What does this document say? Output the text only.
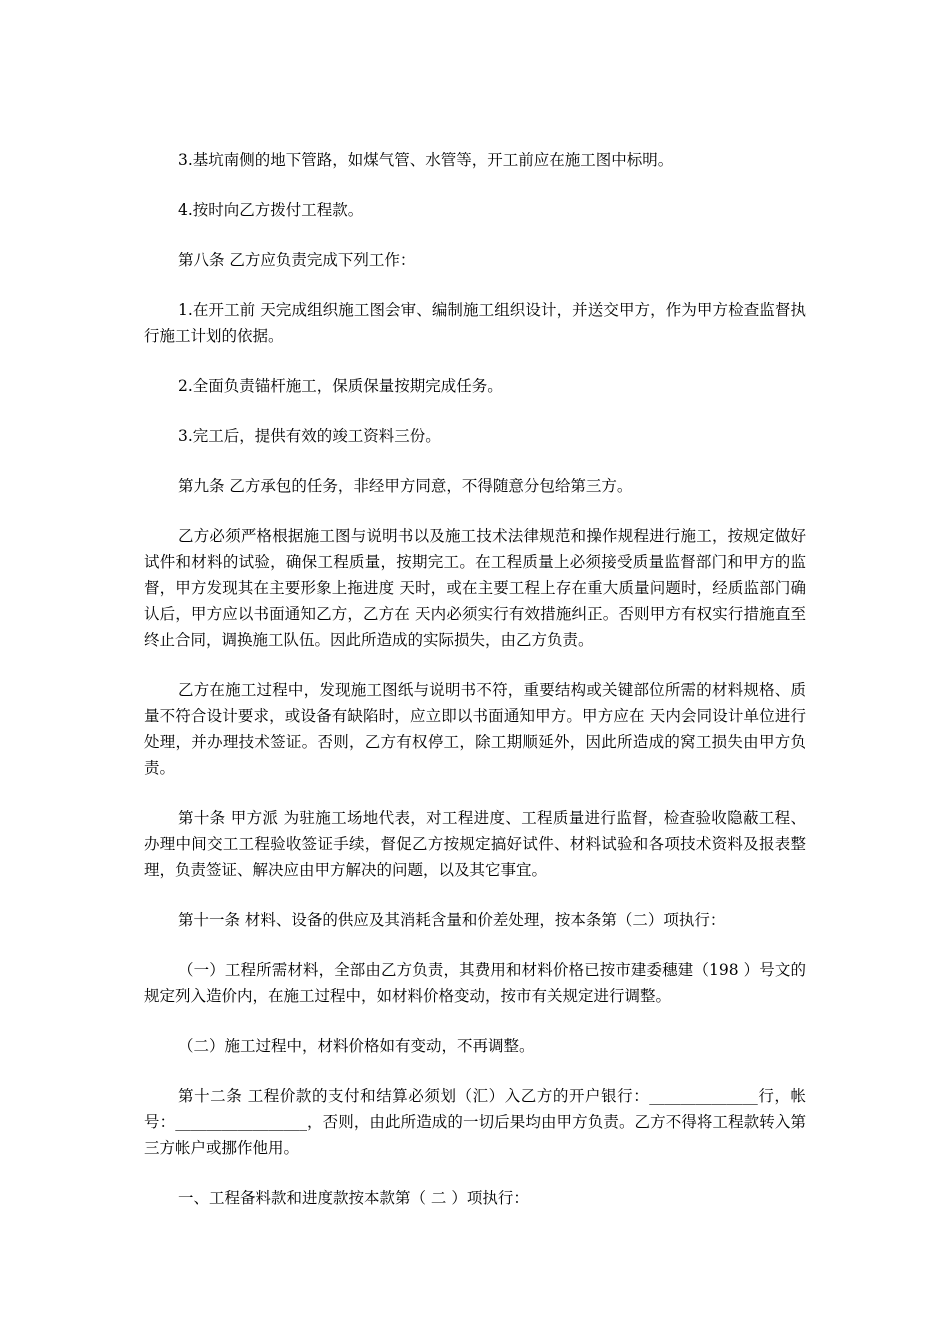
3.基坑南侧的地下管路，如煤气管、水管等，开工前应在施工图中标明。

4.按时向乙方拨付工程款。

第八条 乙方应负责完成下列工作：

1.在开工前 天完成组织施工图会审、编制施工组织设计，并送交甲方，作为甲方检查监督执行施工计划的依据。

2.全面负责锚杆施工，保质保量按期完成任务。

3.完工后，提供有效的竣工资料三份。

第九条 乙方承包的任务，非经甲方同意，不得随意分包给第三方。

乙方必须严格根据施工图与说明书以及施工技术法律规范和操作规程进行施工，按规定做好试件和材料的试验，确保工程质量，按期完工。在工程质量上必须接受质量监督部门和甲方的监督，甲方发现其在主要形象上拖进度 天时，或在主要工程上存在重大质量问题时，经质监部门确认后，甲方应以书面通知乙方，乙方在 天内必须实行有效措施纠正。否则甲方有权实行措施直至终止合同，调换施工队伍。因此所造成的实际损失，由乙方负责。

乙方在施工过程中，发现施工图纸与说明书不符，重要结构或关键部位所需的材料规格、质量不符合设计要求，或设备有缺陷时，应立即以书面通知甲方。甲方应在 天内会同设计单位进行处理，并办理技术签证。否则，乙方有权停工，除工期顺延外，因此所造成的窝工损失由甲方负责。

第十条 甲方派 为驻施工场地代表，对工程进度、工程质量进行监督，检查验收隐蔽工程、办理中间交工工程验收签证手续，督促乙方按规定搞好试件、材料试验和各项技术资料及报表整理，负责签证、解决应由甲方解决的问题，以及其它事宜。

第十一条 材料、设备的供应及其消耗含量和价差处理，按本条第（二）项执行：

（一）工程所需材料，全部由乙方负责，其费用和材料价格已按市建委穗建（198 ）号文的规定列入造价内，在施工过程中，如材料价格变动，按市有关规定进行调整。

（二）施工过程中，材料价格如有变动，不再调整。

第十二条 工程价款的支付和结算必须划（汇）入乙方的开户银行：______________行，帐号：_________________，否则，由此所造成的一切后果均由甲方负责。乙方不得将工程款转入第三方帐户或挪作他用。

一、工程备料款和进度款按本款第（ 二 ）项执行：
